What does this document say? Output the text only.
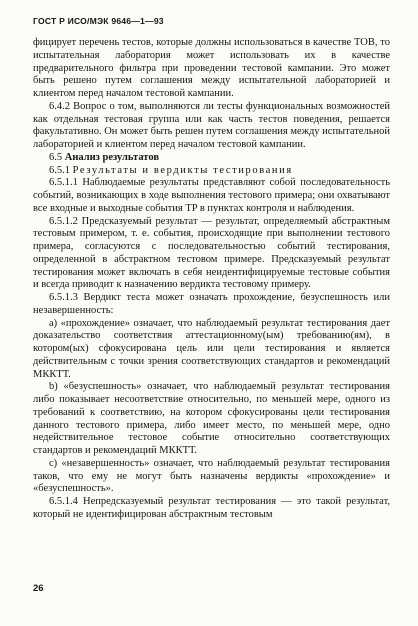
ГОСТ Р ИСО/МЭК 9646—1—93

фицирует перечень тестов, которые должны использоваться в качестве TOB, то испытательная лаборатория может использовать их в качестве предварительного фильтра при проведении тестовой кампании. Это может быть решено путем соглашения между испытательной лабораторией и клиентом перед началом тестовой кампании.

6.4.2 Вопрос о том, выполняются ли тесты функциональных возможностей как отдельная тестовая группа или как часть тестов поведения, решается факультативно. Он может быть решен путем соглашения между испытательной лабораторией и клиентом перед началом тестовой кампании.

6.5 Анализ результатов

6.5.1 Результаты и вердикты тестирования

6.5.1.1 Наблюдаемые результаты представляют собой последовательность событий, возникающих в ходе выполнения тестового примера; они охватывают все входные и выходные события TP в пунктах контроля и наблюдения.

6.5.1.2 Предсказуемый результат — результат, определяемый абстрактным тестовым примером, т. е. события, происходящие при выполнении тестового примера, согласуются с последовательностью событий тестирования, определенной в абстрактном тестовом примере. Предсказуемый результат тестирования может включать в себя неидентифицируемые тестовые события и всегда приводит к назначению вердикта тестовому примеру.

6.5.1.3 Вердикт теста может означать прохождение, безуспешность или незавершенность:

а) «прохождение» означает, что наблюдаемый результат тестирования дает доказательство соответствия аттестационному(ым) требованию(ям), в котором(ых) сфокусирована цель или цели тестирования и является действительным с точки зрения соответствующих стандартов и рекомендаций МККТТ.

b) «безуспешность» означает, что наблюдаемый результат тестирования либо показывает несоответствие относительно, по меньшей мере, одного из требований к соответствию, на котором сфокусированы цели тестирования данного тестового примера, либо имеет место, по меньшей мере, одно недействительное тестовое событие относительно соответствующих стандартов и рекомендаций МККТТ.

с) «незавершенность» означает, что наблюдаемый результат тестирования таков, что ему не могут быть назначены вердикты «прохождение» и «безуспешность».

6.5.1.4 Непредсказуемый результат тестирования — это такой результат, который не идентифицирован абстрактным тестовым

26
